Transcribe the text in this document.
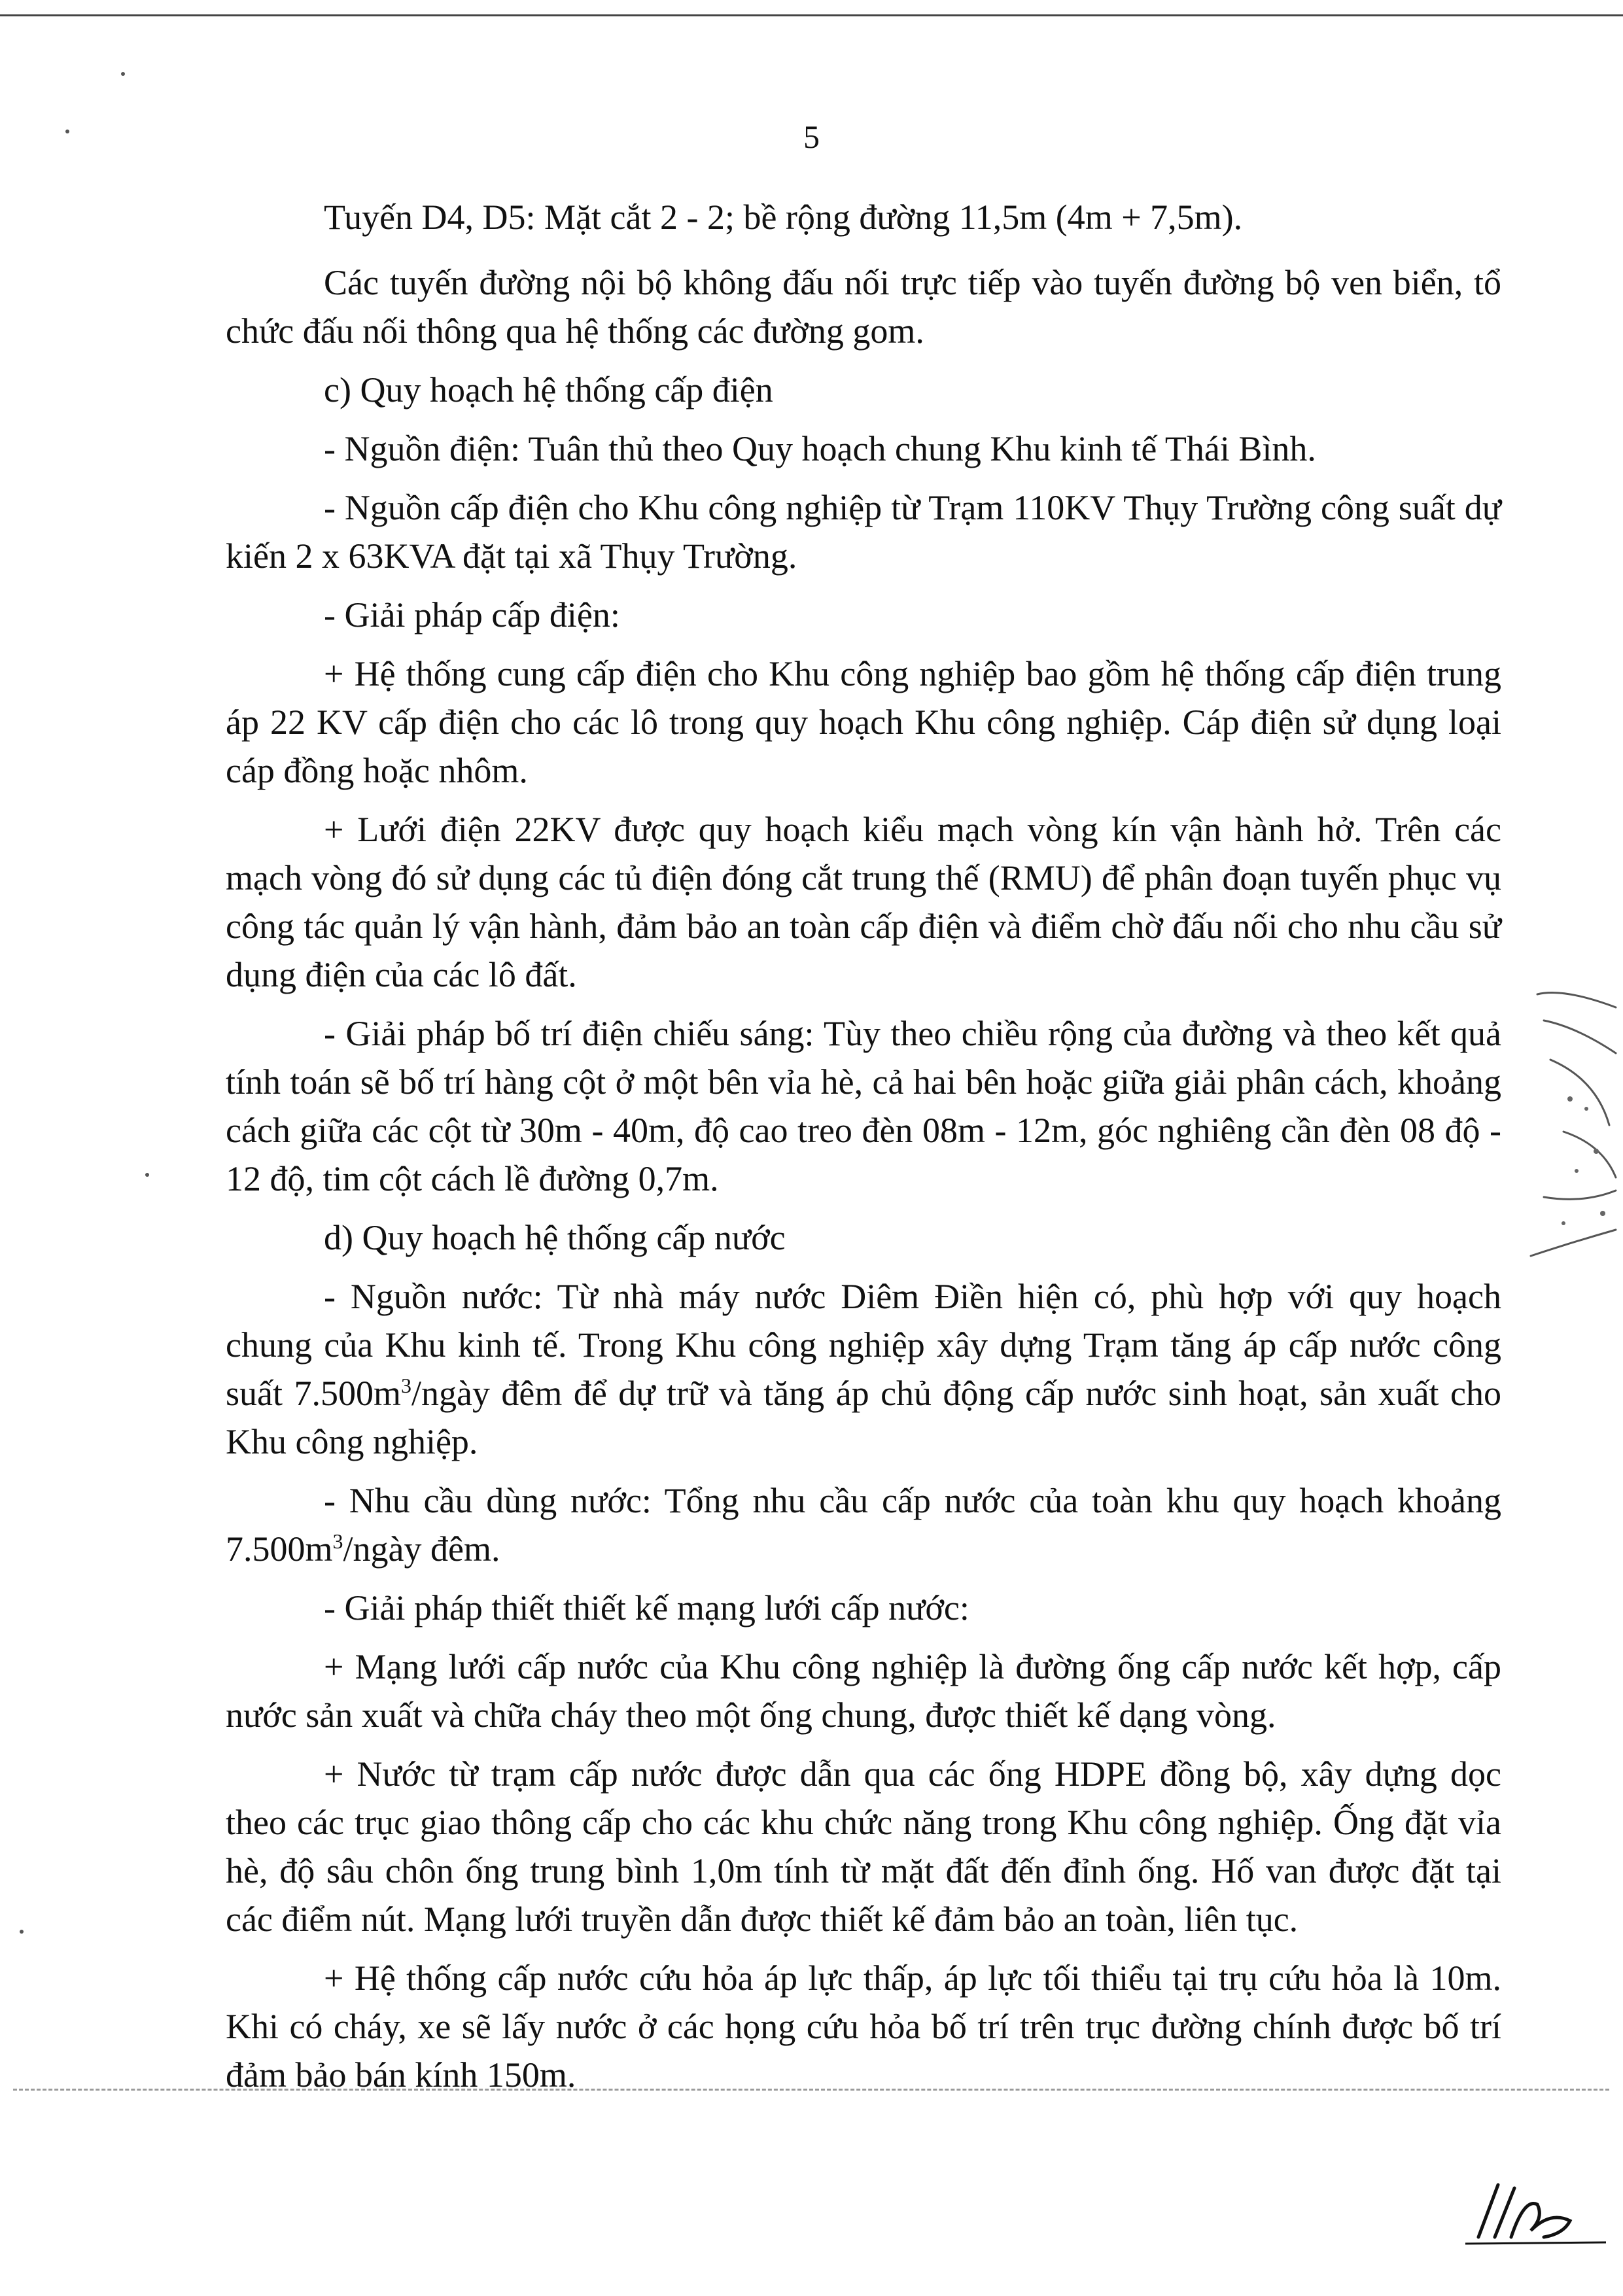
5

Tuyến D4, D5: Mặt cắt 2 - 2; bề rộng đường 11,5m (4m + 7,5m).

Các tuyến đường nội bộ không đấu nối trực tiếp vào tuyến đường bộ ven biển, tổ chức đấu nối thông qua hệ thống các đường gom.

c) Quy hoạch hệ thống cấp điện

- Nguồn điện: Tuân thủ theo Quy hoạch chung Khu kinh tế Thái Bình.

- Nguồn cấp điện cho Khu công nghiệp từ Trạm 110KV Thụy Trường công suất dự kiến 2 x 63KVA đặt tại xã Thụy Trường.

- Giải pháp cấp điện:

+ Hệ thống cung cấp điện cho Khu công nghiệp bao gồm hệ thống cấp điện trung áp 22 KV cấp điện cho các lô trong quy hoạch Khu công nghiệp. Cáp điện sử dụng loại cáp đồng hoặc nhôm.

+ Lưới điện 22KV được quy hoạch kiểu mạch vòng kín vận hành hở. Trên các mạch vòng đó sử dụng các tủ điện đóng cắt trung thế (RMU) để phân đoạn tuyến phục vụ công tác quản lý vận hành, đảm bảo an toàn cấp điện và điểm chờ đấu nối cho nhu cầu sử dụng điện của các lô đất.

- Giải pháp bố trí điện chiếu sáng: Tùy theo chiều rộng của đường và theo kết quả tính toán sẽ bố trí hàng cột ở một bên vỉa hè, cả hai bên hoặc giữa giải phân cách, khoảng cách giữa các cột từ 30m - 40m, độ cao treo đèn 08m - 12m, góc nghiêng cần đèn 08 độ - 12 độ, tim cột cách lề đường 0,7m.

d) Quy hoạch hệ thống cấp nước

- Nguồn nước: Từ nhà máy nước Diêm Điền hiện có, phù hợp với quy hoạch chung của Khu kinh tế. Trong Khu công nghiệp xây dựng Trạm tăng áp cấp nước công suất $7.500m^3$/ngày đêm để dự trữ và tăng áp chủ động cấp nước sinh hoạt, sản xuất cho Khu công nghiệp.

- Nhu cầu dùng nước: Tổng nhu cầu cấp nước của toàn khu quy hoạch khoảng $7.500m^3$/ngày đêm.

- Giải pháp thiết thiết kế mạng lưới cấp nước:

+ Mạng lưới cấp nước của Khu công nghiệp là đường ống cấp nước kết hợp, cấp nước sản xuất và chữa cháy theo một ống chung, được thiết kế dạng vòng.

+ Nước từ trạm cấp nước được dẫn qua các ống HDPE đồng bộ, xây dựng dọc theo các trục giao thông cấp cho các khu chức năng trong Khu công nghiệp. Ống đặt vỉa hè, độ sâu chôn ống trung bình 1,0m tính từ mặt đất đến đỉnh ống. Hố van được đặt tại các điểm nút. Mạng lưới truyền dẫn được thiết kế đảm bảo an toàn, liên tục.

+ Hệ thống cấp nước cứu hỏa áp lực thấp, áp lực tối thiểu tại trụ cứu hỏa là 10m. Khi có cháy, xe sẽ lấy nước ở các họng cứu hỏa bố trí trên trục đường chính được bố trí đảm bảo bán kính 150m.
